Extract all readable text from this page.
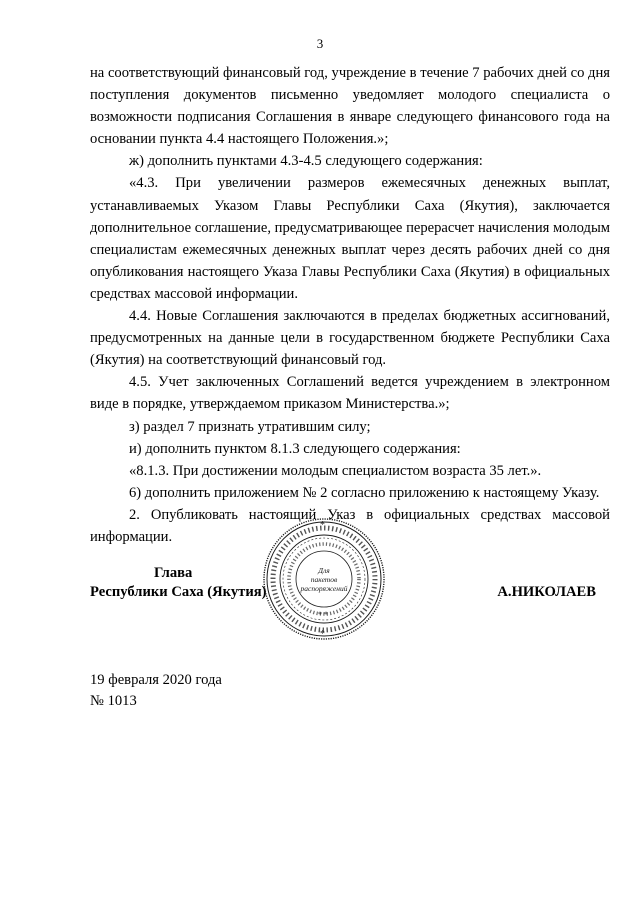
3

на соответствующий финансовый год, учреждение в течение 7 рабочих дней со дня поступления документов письменно уведомляет молодого специалиста о возможности подписания Соглашения в январе следующего финансового года на основании пункта 4.4 настоящего Положения.»;

ж) дополнить пунктами 4.3-4.5 следующего содержания:

«4.3. При увеличении размеров ежемесячных денежных выплат, устанавливаемых Указом Главы Республики Саха (Якутия), заключается дополнительное соглашение, предусматривающее перерасчет начисления молодым специалистам ежемесячных денежных выплат через десять рабочих дней со дня опубликования настоящего Указа Главы Республики Саха (Якутия) в официальных средствах массовой информации.

4.4. Новые Соглашения заключаются в пределах бюджетных ассигнований, предусмотренных на данные цели в государственном бюджете Республики Саха (Якутия) на соответствующий финансовый год.

4.5. Учет заключенных Соглашений ведется учреждением в электронном виде в порядке, утверждаемом приказом Министерства.»;

з) раздел 7 признать утратившим силу;

и) дополнить пунктом 8.1.3 следующего содержания:

«8.1.3. При достижении молодым специалистом возраста 35 лет.».

6) дополнить приложением № 2 согласно приложению к настоящему Указу.

2. Опубликовать настоящий Указ в официальных средствах массовой информации.

Глава
Республики Саха (Якутия)	А.НИКОЛАЕВ
*
*
* *
Для
пакетов
распоряжений
19 февраля 2020 года
№ 1013
